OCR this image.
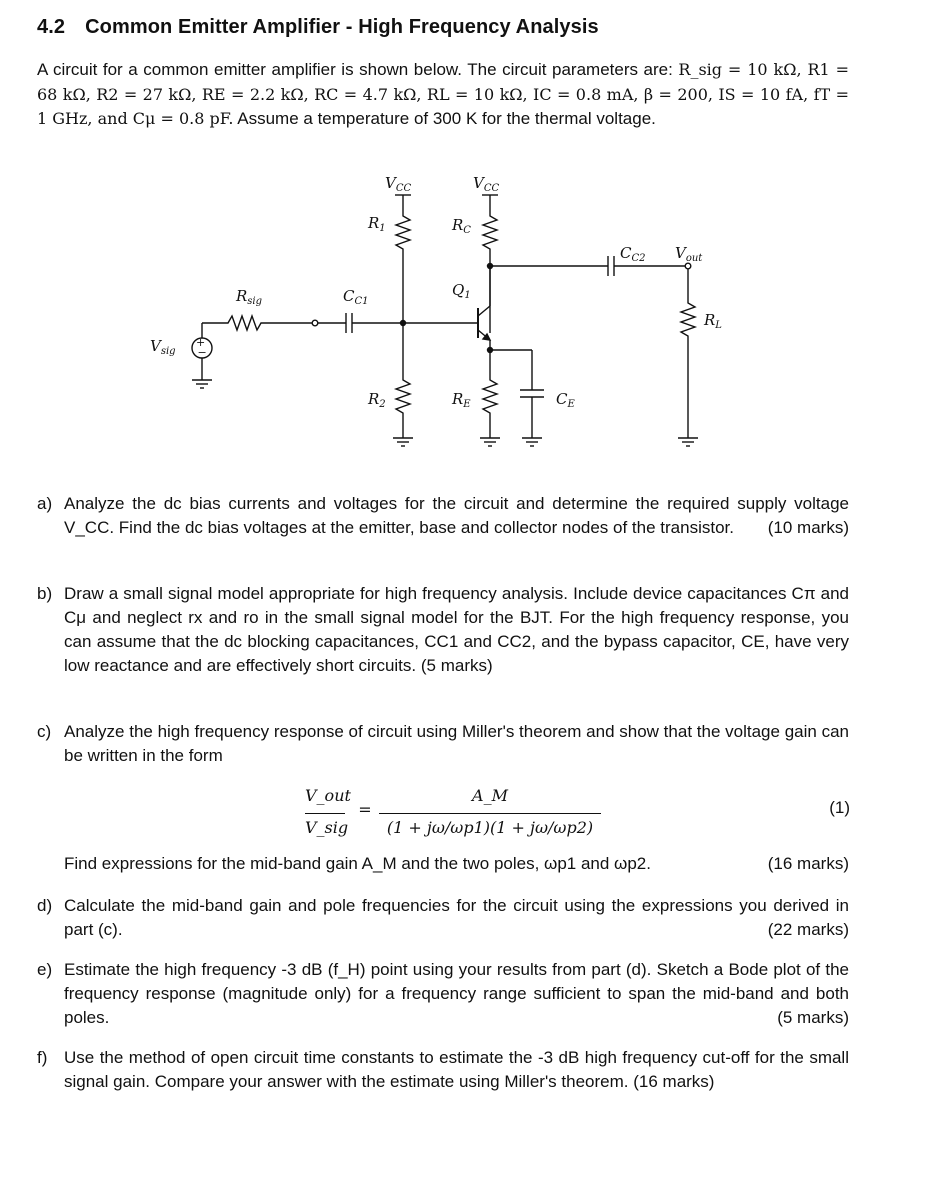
4.2 Common Emitter Amplifier - High Frequency Analysis

A circuit for a common emitter amplifier is shown below. The circuit parameters are: R_sig = 10 kΩ, R1 = 68 kΩ, R2 = 27 kΩ, RE = 2.2 kΩ, RC = 4.7 kΩ, RL = 10 kΩ, IC = 0.8 mA, β = 200, IS = 10 fA, fT = 1 GHz, and Cμ = 0.8 pF. Assume a temperature of 300 K for the thermal voltage.

+
−
$V_{CC}$	$V_{CC}$
$R_1$	$R_C$
$C_{C2}$ $V_{out}$
$Q_1$
$R_{sig}$	$C_{C1}$
$R_L$
$V_{sig}$
$R_2$	$R_E$	$C_E$
a) Analyze the dc bias currents and voltages for the circuit and determine the required supply voltage V_CC. Find the dc bias voltages at the emitter, base and collector nodes of the transistor. (10 marks)
b) Draw a small signal model appropriate for high frequency analysis. Include device capacitances Cπ and Cμ and neglect rx and ro in the small signal model for the BJT. For the high frequency response, you can assume that the dc blocking capacitances, CC1 and CC2, and the bypass capacitor, CE, have very low reactance and are effectively short circuits. (5 marks)
c) Analyze the high frequency response of circuit using Miller's theorem and show that the voltage gain can be written in the form
V_out
V_sig
=
A_M
(1 + jω/ωp1)(1 + jω/ωp2)
(1)
Find expressions for the mid-band gain A_M and the two poles, ωp1 and ωp2.	(16 marks)
d) Calculate the mid-band gain and pole frequencies for the circuit using the expressions you derived in part (c).	(22 marks)
e) Estimate the high frequency -3 dB (f_H) point using your results from part (d). Sketch a Bode plot of the frequency response (magnitude only) for a frequency range sufficient to span the mid-band and both poles.	(5 marks)
f) Use the method of open circuit time constants to estimate the -3 dB high frequency cut-off for the small signal gain. Compare your answer with the estimate using Miller's theorem. (16 marks)
